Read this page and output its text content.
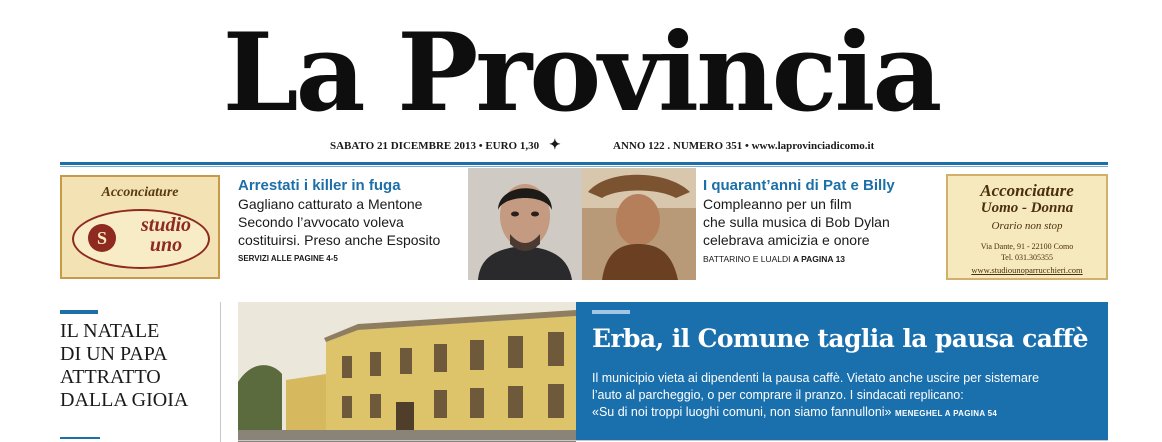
La Provincia
SABATO 21 DICEMBRE 2013 • EURO 1,30 ✦	ANNO 122 . NUMERO 351 • www.laprovinciadicomo.it
Acconciature
S
studio
uno
Arrestati i killer in fuga
Gagliano catturato a Mentone
Secondo l’avvocato voleva
costituirsi. Preso anche Esposito
SERVIZI ALLE PAGINE 4-5
I quarant’anni di Pat e Billy
Compleanno per un film
che sulla musica di Bob Dylan
celebrava amicizia e onore
BATTARINO E LUALDI A PAGINA 13
Acconciature
Uomo - Donna
Orario non stop
Via Dante, 91 - 22100 Como
Tel. 031.305355
www.studiounoparrucchieri.com
IL NATALE
DI UN PAPA
ATTRATTO
DALLA GIOIA
Erba, il Comune taglia la pausa caffè
Il municipio vieta ai dipendenti la pausa caffè. Vietato anche uscire per sistemare
l’auto al parcheggio, o per comprare il pranzo. I sindacati replicano:
«Su di noi troppi luoghi comuni, non siamo fannulloni» MENEGHEL A PAGINA 54
